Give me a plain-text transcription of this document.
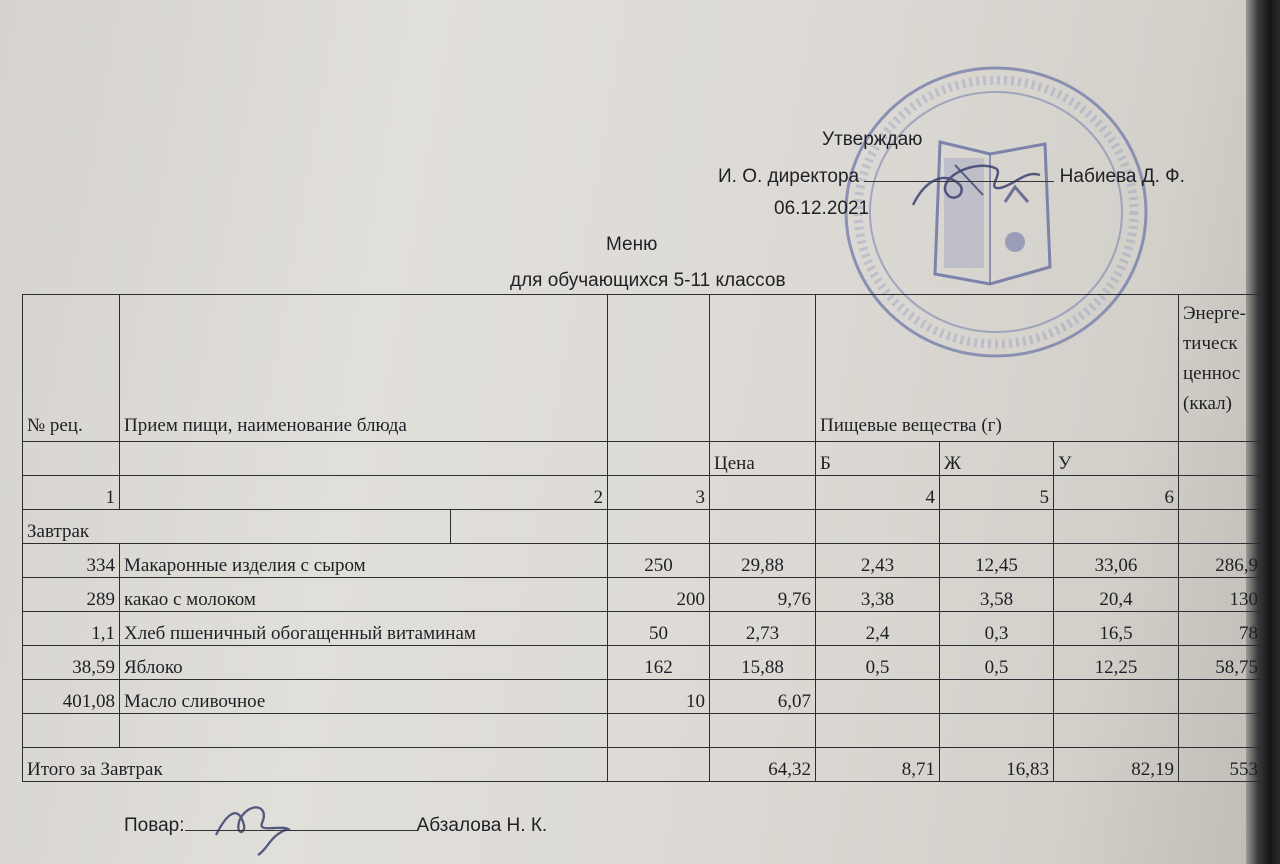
Утверждаю
И. О. директора	Набиева Д. Ф.
06.12.2021
Меню
для обучающихся 5-11 классов
№ рец.	Прием пищи, наименование блюда				Пищевые вещества (г)			Энерге-
тическ
ценнос
(ккал)

				Цена	Б	Ж	У	
1	2		3		4	5	6	
Завтрак								
334	Макаронные изделия с сыром		250	29,88	2,43	12,45	33,06	286,9
289	какао с молоком		200	9,76	3,38	3,58	20,4	130
1,1	Хлеб пшеничный обогащенный витаминам		50	2,73	2,4	0,3	16,5	78
38,59	Яблоко		162	15,88	0,5	0,5	12,25	58,75
401,08	Масло сливочное		10	6,07				

Итого за Завтрак				64,32	8,71	16,83	82,19	553
Повар:	Абзалова Н. К.
